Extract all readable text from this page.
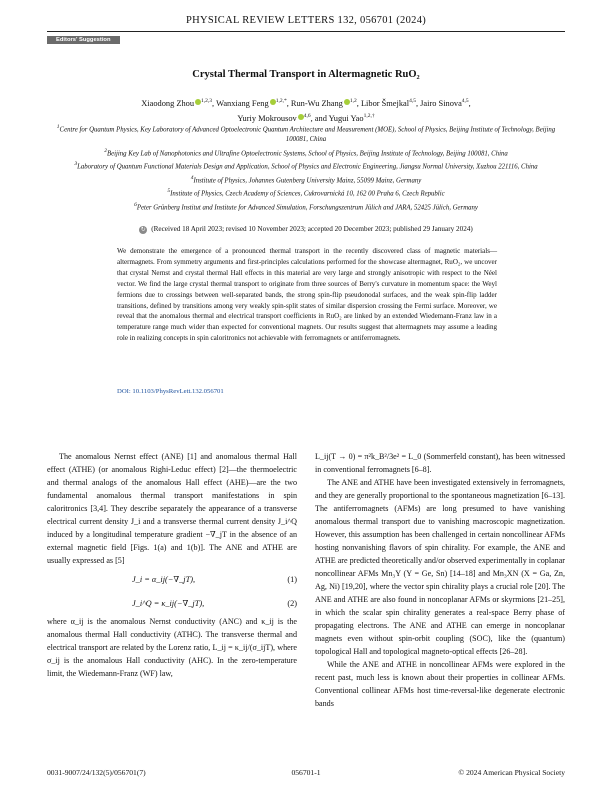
PHYSICAL REVIEW LETTERS 132, 056701 (2024)
Editors' Suggestion
Crystal Thermal Transport in Altermagnetic RuO₂
Xiaodong Zhou $^{1,2,3}$, Wanxiang Feng $^{1,2,*}$, Run-Wu Zhang $^{1,2}$, Libor Šmejkal$^{4,5}$, Jairo Sinova$^{4,5}$,
Yuriy Mokrousov $^{4,6}$, and Yugui Yao$^{1,2,\dagger}$
$^1$Centre for Quantum Physics, Key Laboratory of Advanced Optoelectronic Quantum Architecture and Measurement (MOE), School of Physics, Beijing Institute of Technology, Beijing 100081, China
$^2$Beijing Key Lab of Nanophotonics and Ultrafine Optoelectronic Systems, School of Physics, Beijing Institute of Technology, Beijing 100081, China
$^3$Laboratory of Quantum Functional Materials Design and Application, School of Physics and Electronic Engineering, Jiangsu Normal University, Xuzhou 221116, China
$^4$Institute of Physics, Johannes Gutenberg University Mainz, 55099 Mainz, Germany
$^5$Institute of Physics, Czech Academy of Sciences, Cukrovarnická 10, 162 00 Praha 6, Czech Republic
$^6$Peter Grünberg Institut and Institute for Advanced Simulation, Forschungszentrum Jülich and JARA, 52425 Jülich, Germany
↻ (Received 18 April 2023; revised 10 November 2023; accepted 20 December 2023; published 29 January 2024)
We demonstrate the emergence of a pronounced thermal transport in the recently discovered class of magnetic materials—altermagnets. From symmetry arguments and first-principles calculations performed for the showcase altermagnet, RuO₂, we uncover that crystal Nernst and crystal thermal Hall effects in this material are very large and strongly anisotropic with respect to the Néel vector. We find the large crystal thermal transport to originate from three sources of Berry's curvature in momentum space: the Weyl fermions due to crossings between well-separated bands, the strong spin-flip pseudonodal surfaces, and the weak spin-flip ladder transitions, defined by transitions among very weakly spin-split states of similar dispersion crossing the Fermi surface. Moreover, we reveal that the anomalous thermal and electrical transport coefficients in RuO₂ are linked by an extended Wiedemann-Franz law in a temperature range much wider than expected for conventional magnets. Our results suggest that altermagnets may assume a leading role in realizing concepts in spin caloritronics not achievable with ferromagnets or antiferromagnets.
DOI: 10.1103/PhysRevLett.132.056701

The anomalous Nernst effect (ANE) [1] and anomalous thermal Hall effect (ATHE) (or anomalous Righi-Leduc effect) [2]—the thermoelectric and thermal analogs of the anomalous Hall effect (AHE)—are the two fundamental anomalous thermal transport manifestations in spin caloritronics [3,4]. They describe separately the appearance of a transverse electrical current density J_i and a transverse thermal current density J_i^Q induced by a longitudinal temperature gradient −∇_jT in the absence of an external magnetic field [Figs. 1(a) and 1(b)]. The ANE and ATHE are usually expressed as [5]

J_i = α_ij(−∇_jT),	(1)
J_i^Q = κ_ij(−∇_jT),	(2)

where α_ij is the anomalous Nernst conductivity (ANC) and κ_ij is the anomalous thermal Hall conductivity (ATHC). The transverse thermal and electrical transport are related by the Lorenz ratio, L_ij = κ_ij/(σ_ijT), where σ_ij is the anomalous Hall conductivity (AHC). In the zero-temperature limit, the Wiedemann-Franz (WF) law,

L_ij(T → 0) = π²k_B²/3e² = L_0 (Sommerfeld constant), has been witnessed in conventional ferromagnets [6–8].

The ANE and ATHE have been investigated extensively in ferromagnets, and they are generally proportional to the spontaneous magnetization [6–13]. The antiferromagnets (AFMs) are long presumed to have vanishing anomalous thermal transport due to vanishing macroscopic magnetization. However, this assumption has been challenged in certain noncollinear AFMs hosting nonvanishing flavors of spin chirality. For example, the ANE and ATHE are predicted theoretically and/or observed experimentally in coplanar noncollinear AFMs Mn₃Y (Y = Ge, Sn) [14–18] and Mn₃XN (X = Ga, Zn, Ag, Ni) [19,20], where the vector spin chirality plays a crucial role [20]. The ANE and ATHE are also found in noncoplanar AFMs or skyrmions [21–25], in which the scalar spin chirality generates a real-space Berry phase of propagating electrons. The ANE and ATHE can emerge in noncoplanar magnets even without spin-orbit coupling (SOC), like the (quantum) topological Hall and topological magneto-optical effects [26–28].

While the ANE and ATHE in noncollinear AFMs were explored in the recent past, much less is known about their properties in collinear AFMs. Conventional collinear AFMs host time-reversal-like degenerate electronic bands

0031-9007/24/132(5)/056701(7)	056701-1	© 2024 American Physical Society
